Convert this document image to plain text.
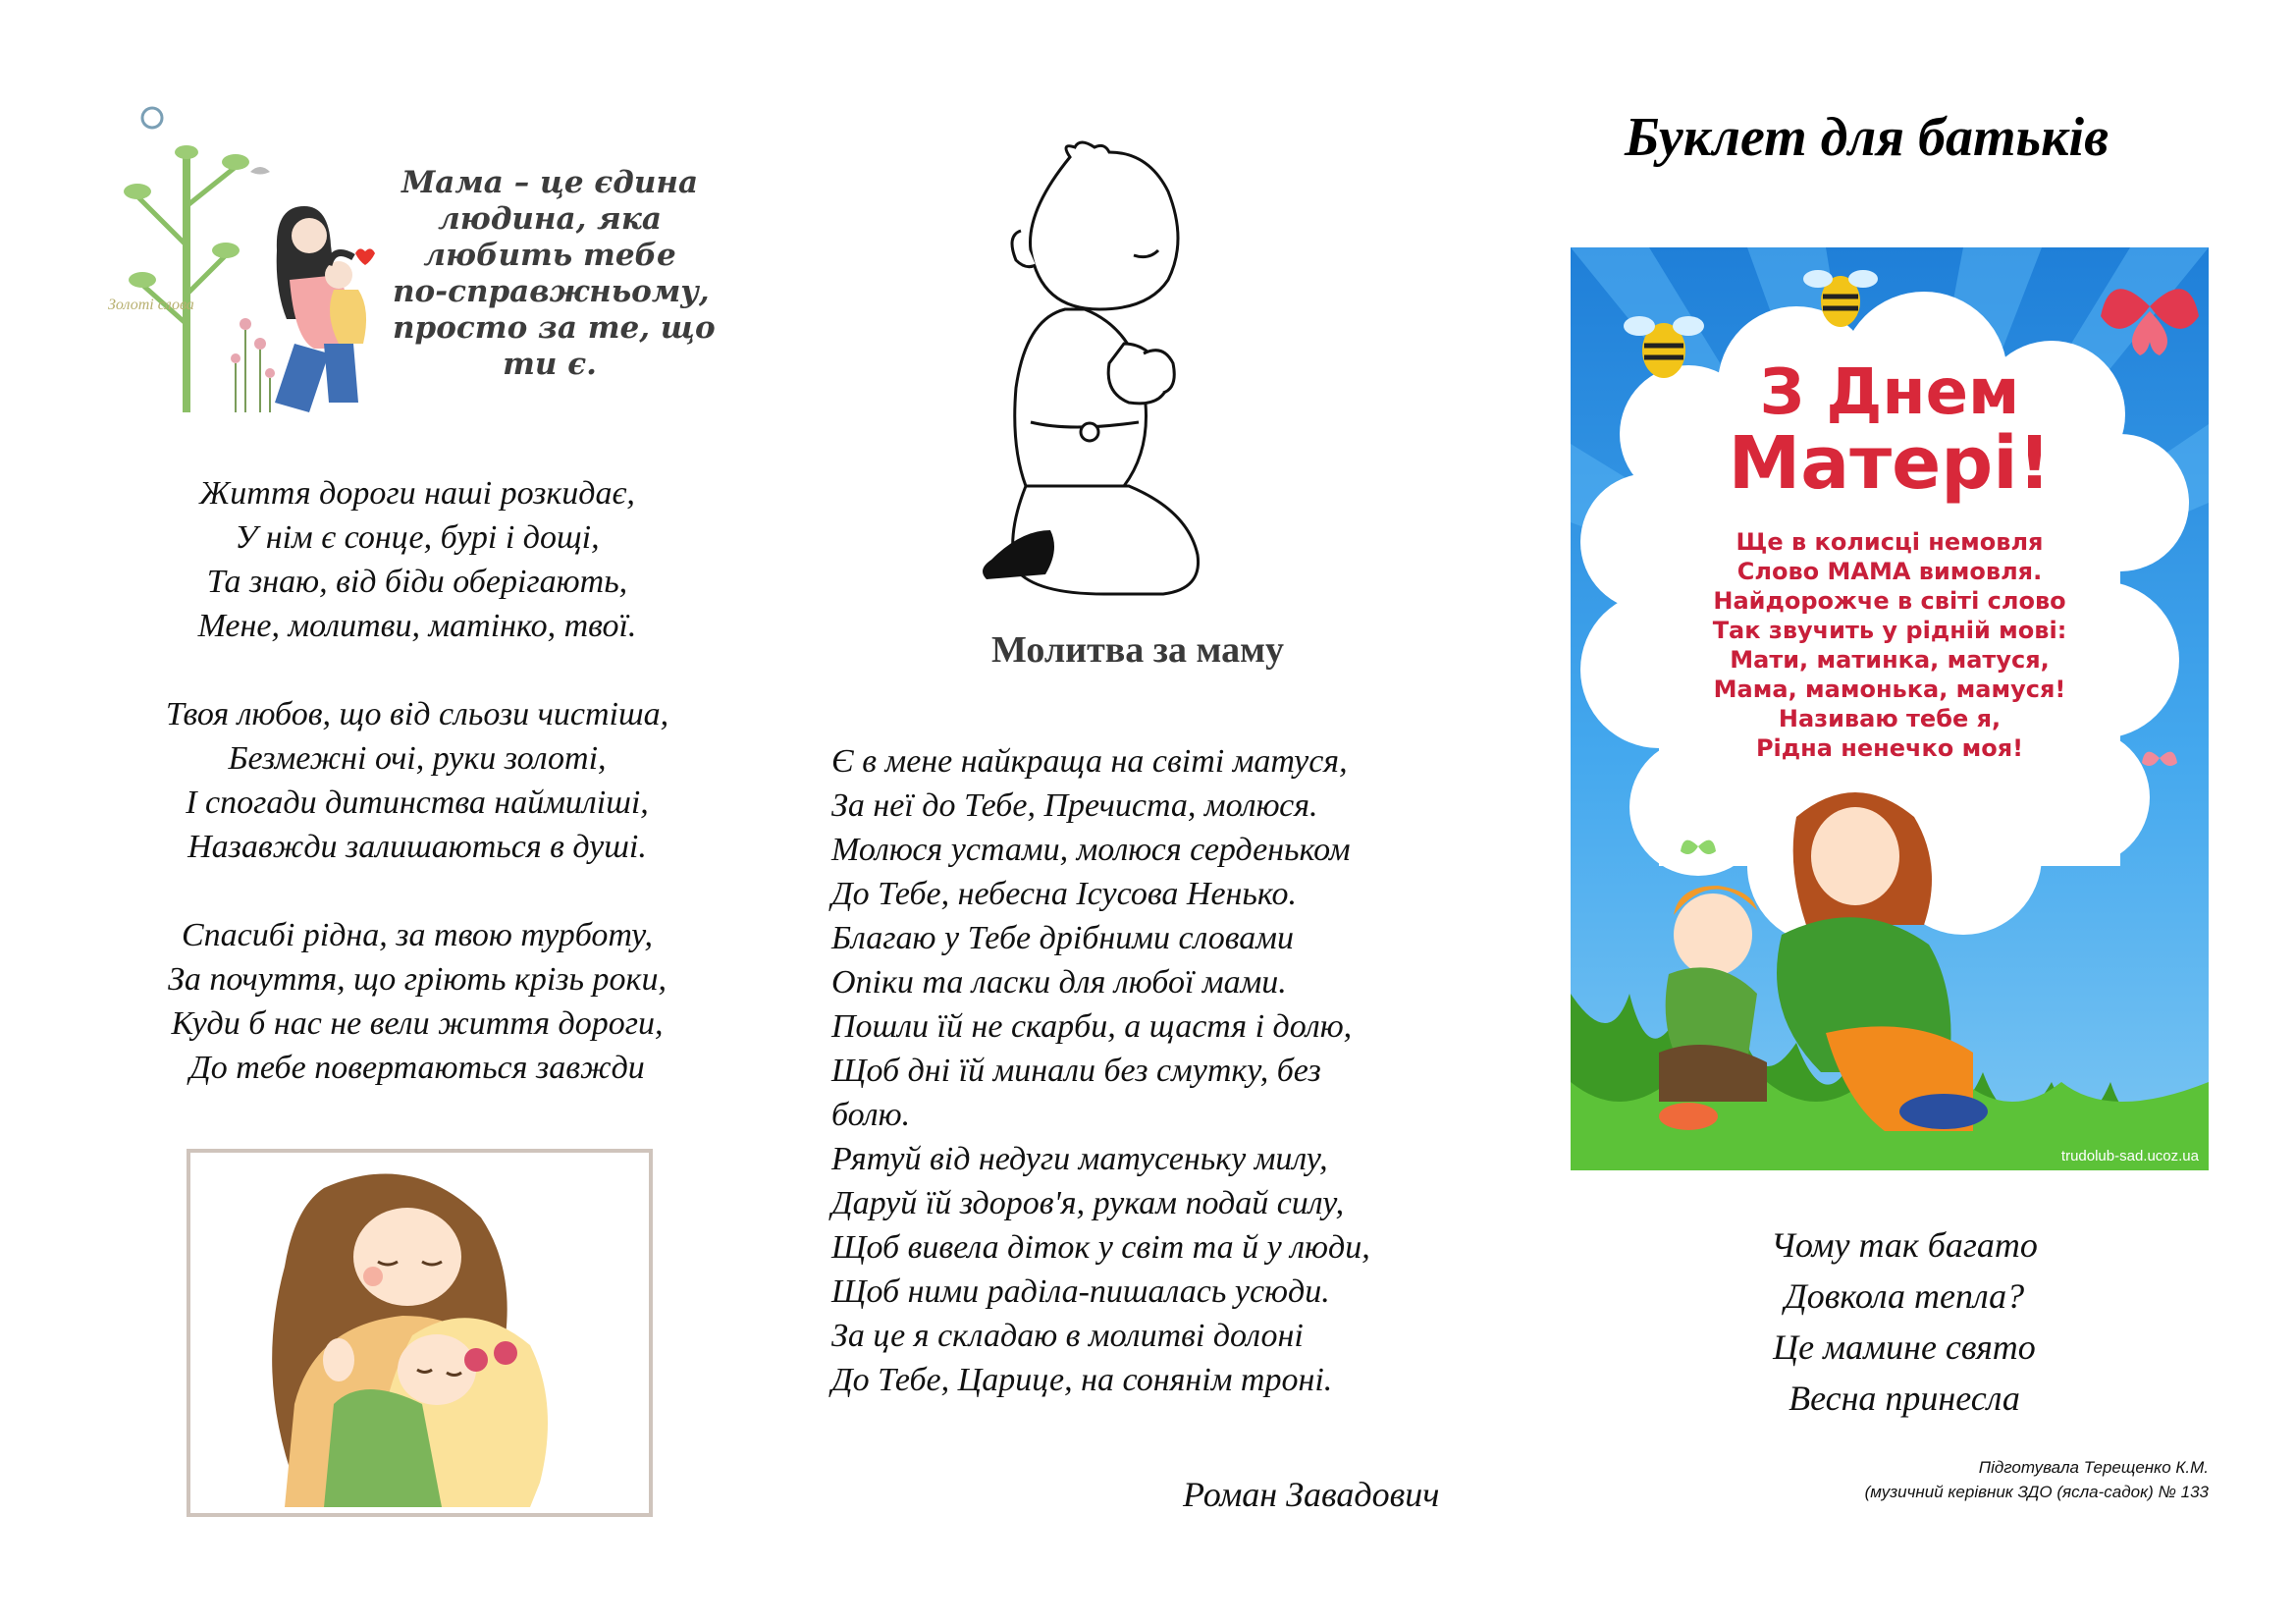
Золоті слова
Мама – це єдина
людина, яка
любить тебе
по-справжньому,
просто за те, що
ти є.
Життя дороги наші розкидає,
У нім є сонце, бурі і дощі,
Та знаю, від біди оберігають,
Мене, молитви, матінко, твої.
Твоя любов, що від сльози чистіша,
Безмежні очі, руки золоті,
І спогади дитинства наймиліші,
Назавжди залишаються в душі.
Спасибі рідна, за твою турботу,
За почуття, що гріють крізь роки,
Куди б нас не вели життя дороги,
До тебе повертаються завжди
Молитва за маму
Є в мене найкраща на світі матуся,
За неї до Тебе, Пречиста, молюся.
Молюся устами, молюся серденьком
До Тебе, небесна Ісусова Ненько.
Благаю у Тебе дрібними словами
Опіки та ласки для любої мами.
Пошли їй не скарби, а щастя і долю,
Щоб дні їй минали без смутку, без
болю.
Рятуй від недуги матусеньку милу,
Даруй їй здоров'я, рукам подай силу,
Щоб вивела діток у світ та й у люди,
Щоб ними раділа-пишалась усюди.
За це я складаю в молитві долоні
До Тебе, Царице, на сонянім троні.
Роман Завадович
Буклет для батьків
trudolub-sad.ucoz.ua
З Днем
Матері!
Ще в колисці немовля
Слово МАМА вимовля.
Найдорожче в світі слово
Так звучить у рідній мові:
Мати, матинка, матуся,
Мама, мамонька, мамуся!
Називаю тебе я,
Рідна ненечко моя!
Чому так багато
Довкола тепла?
Це мамине свято
Весна принесла
Підготувала Терещенко К.М.
(музичний керівник ЗДО (ясла-садок) № 133
